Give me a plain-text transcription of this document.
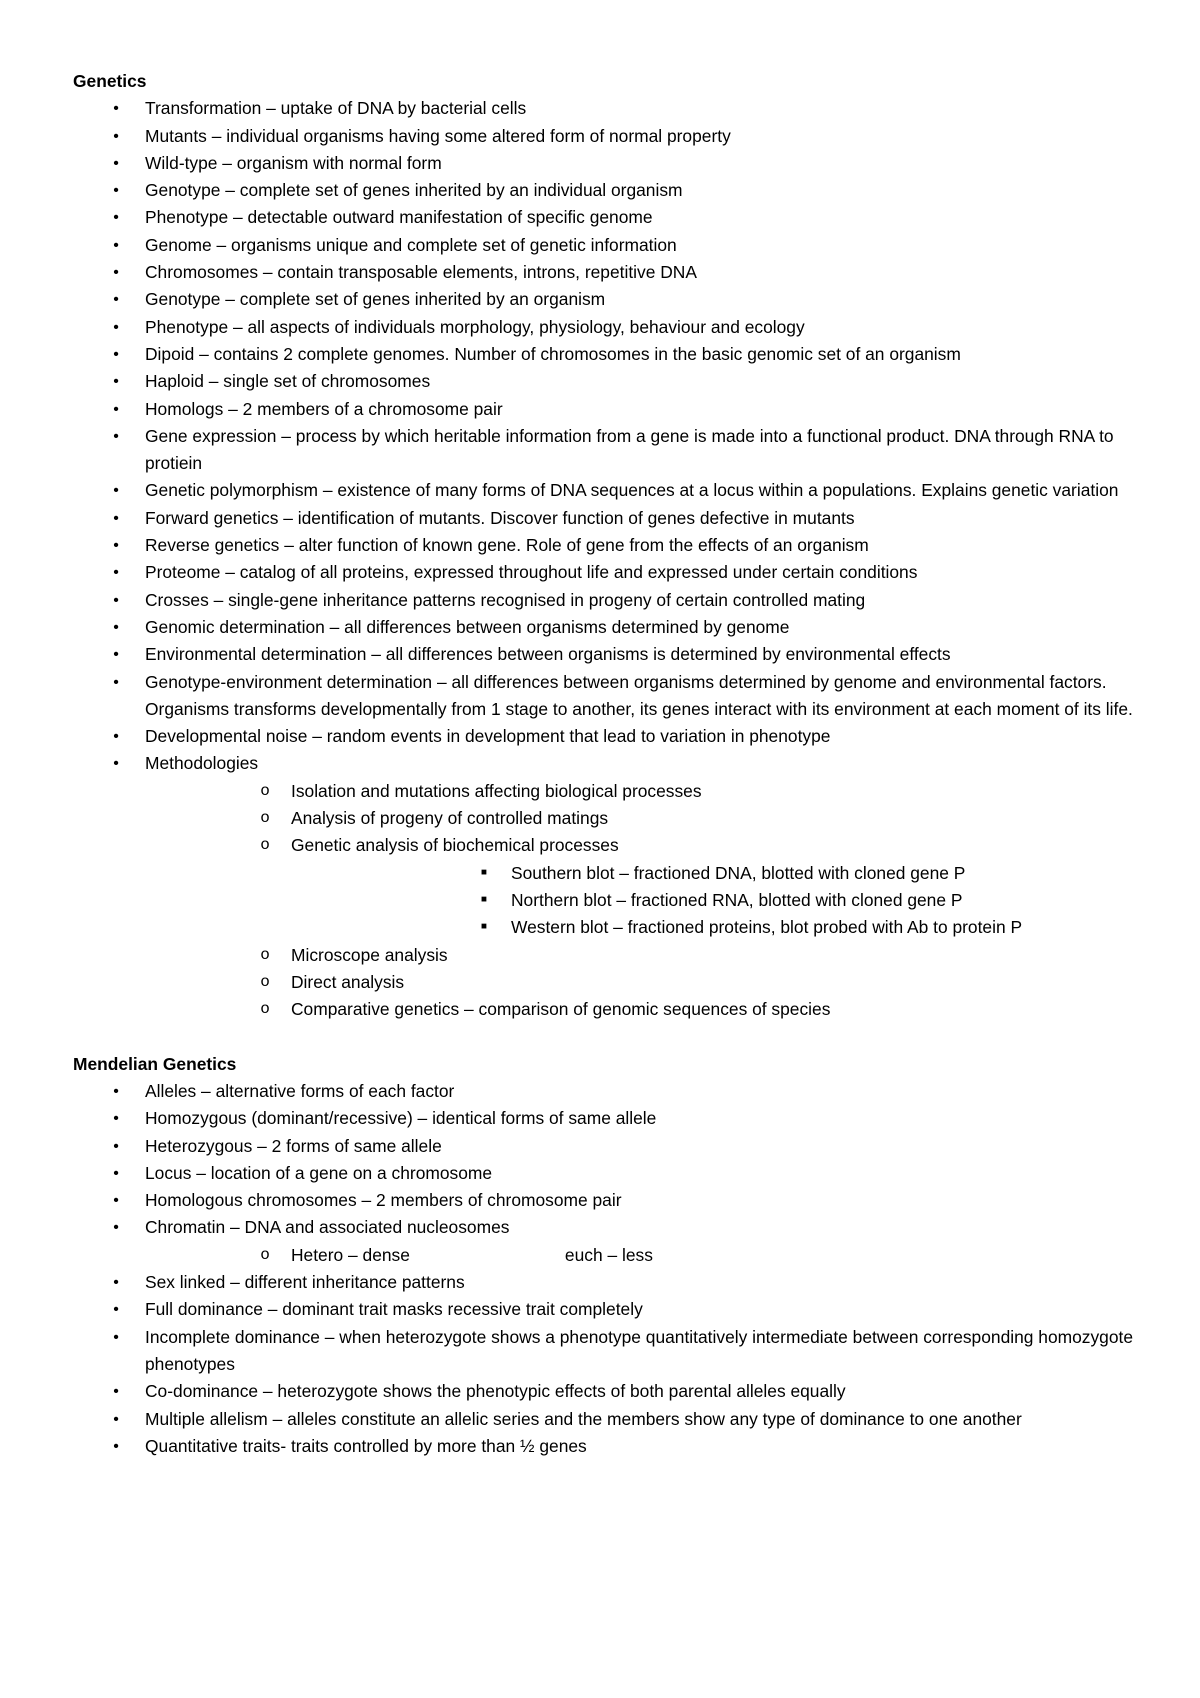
Genetics
• Transformation – uptake of DNA by bacterial cells
• Mutants – individual organisms having some altered form of normal property
• Wild-type – organism with normal form
• Genotype – complete set of genes inherited by an individual organism
• Phenotype – detectable outward manifestation of specific genome
• Genome – organisms unique and complete set of genetic information
• Chromosomes – contain transposable elements, introns, repetitive DNA
• Genotype – complete set of genes inherited by an organism
• Phenotype – all aspects of individuals morphology, physiology, behaviour and ecology
• Dipoid – contains 2 complete genomes. Number of chromosomes in the basic genomic set of an organism
• Haploid – single set of chromosomes
• Homologs – 2 members of a chromosome pair
• Gene expression – process by which heritable information from a gene is made into a functional product. DNA through RNA to protiein
• Genetic polymorphism – existence of many forms of DNA sequences at a locus within a populations. Explains genetic variation
• Forward genetics – identification of mutants. Discover function of genes defective in mutants
• Reverse genetics – alter function of known gene. Role of gene from the effects of an organism
• Proteome – catalog of all proteins, expressed throughout life and expressed under certain conditions
• Crosses – single-gene inheritance patterns recognised in progeny of certain controlled mating
• Genomic determination – all differences between organisms determined by genome
• Environmental determination – all differences between organisms is determined by environmental effects
• Genotype-environment determination – all differences between organisms determined by genome and environmental factors. Organisms transforms developmentally from 1 stage to another, its genes interact with its environment at each moment of its life.
• Developmental noise – random events in development that lead to variation in phenotype
• Methodologies
o Isolation and mutations affecting biological processes
o Analysis of progeny of controlled matings
o Genetic analysis of biochemical processes
■ Southern blot – fractioned DNA, blotted with cloned gene P
■ Northern blot – fractioned RNA, blotted with cloned gene P
■ Western blot – fractioned proteins, blot probed with Ab to protein P
o Microscope analysis
o Direct analysis
o Comparative genetics – comparison of genomic sequences of species
Mendelian Genetics
• Alleles – alternative forms of each factor
• Homozygous (dominant/recessive) – identical forms of same allele
• Heterozygous – 2 forms of same allele
• Locus – location of a gene on a chromosome
• Homologous chromosomes – 2 members of chromosome pair
• Chromatin – DNA and associated nucleosomes
o Hetero – dense	euch – less
• Sex linked – different inheritance patterns
• Full dominance – dominant trait masks recessive trait completely
• Incomplete dominance – when heterozygote shows a phenotype quantitatively intermediate between corresponding homozygote phenotypes
• Co-dominance – heterozygote shows the phenotypic effects of both parental alleles equally
• Multiple allelism – alleles constitute an allelic series and the members show any type of dominance to one another
• Quantitative traits- traits controlled by more than ½ genes
